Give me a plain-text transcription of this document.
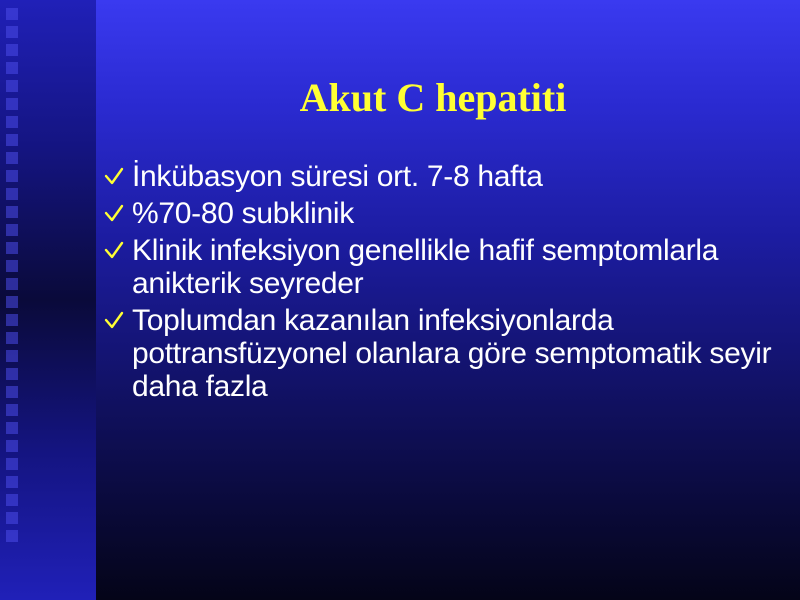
Akut C hepatiti
İnkübasyon süresi ort. 7-8 hafta
%70-80 subklinik
Klinik infeksiyon genellikle hafif semptomlarla anikterik seyreder
Toplumdan kazanılan infeksiyonlarda pottransfüzyonel olanlara göre semptomatik seyir daha fazla
